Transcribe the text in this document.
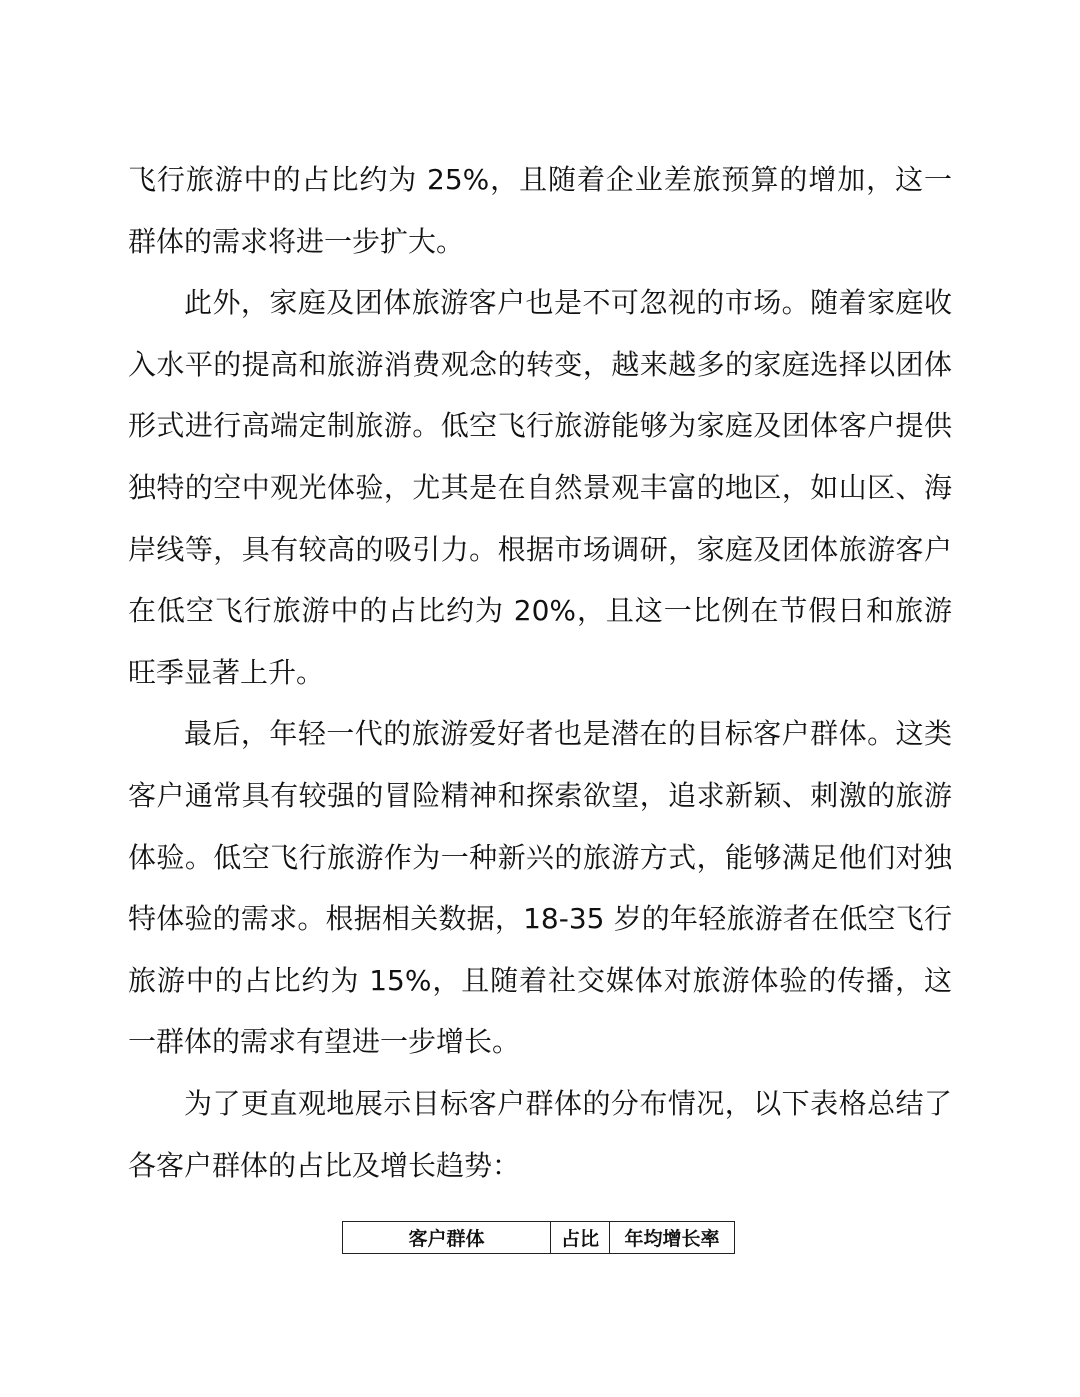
飞行旅游中的占比约为 25%，且随着企业差旅预算的增加，这一群体的需求将进一步扩大。

此外，家庭及团体旅游客户也是不可忽视的市场。随着家庭收入水平的提高和旅游消费观念的转变，越来越多的家庭选择以团体形式进行高端定制旅游。低空飞行旅游能够为家庭及团体客户提供独特的空中观光体验，尤其是在自然景观丰富的地区，如山区、海岸线等，具有较高的吸引力。根据市场调研，家庭及团体旅游客户在低空飞行旅游中的占比约为 20%，且这一比例在节假日和旅游旺季显著上升。

最后，年轻一代的旅游爱好者也是潜在的目标客户群体。这类客户通常具有较强的冒险精神和探索欲望，追求新颖、刺激的旅游体验。低空飞行旅游作为一种新兴的旅游方式，能够满足他们对独特体验的需求。根据相关数据，18-35 岁的年轻旅游者在低空飞行旅游中的占比约为 15%，且随着社交媒体对旅游体验的传播，这一群体的需求有望进一步增长。

为了更直观地展示目标客户群体的分布情况，以下表格总结了各客户群体的占比及增长趋势：

客户群体	占比	年均增长率
